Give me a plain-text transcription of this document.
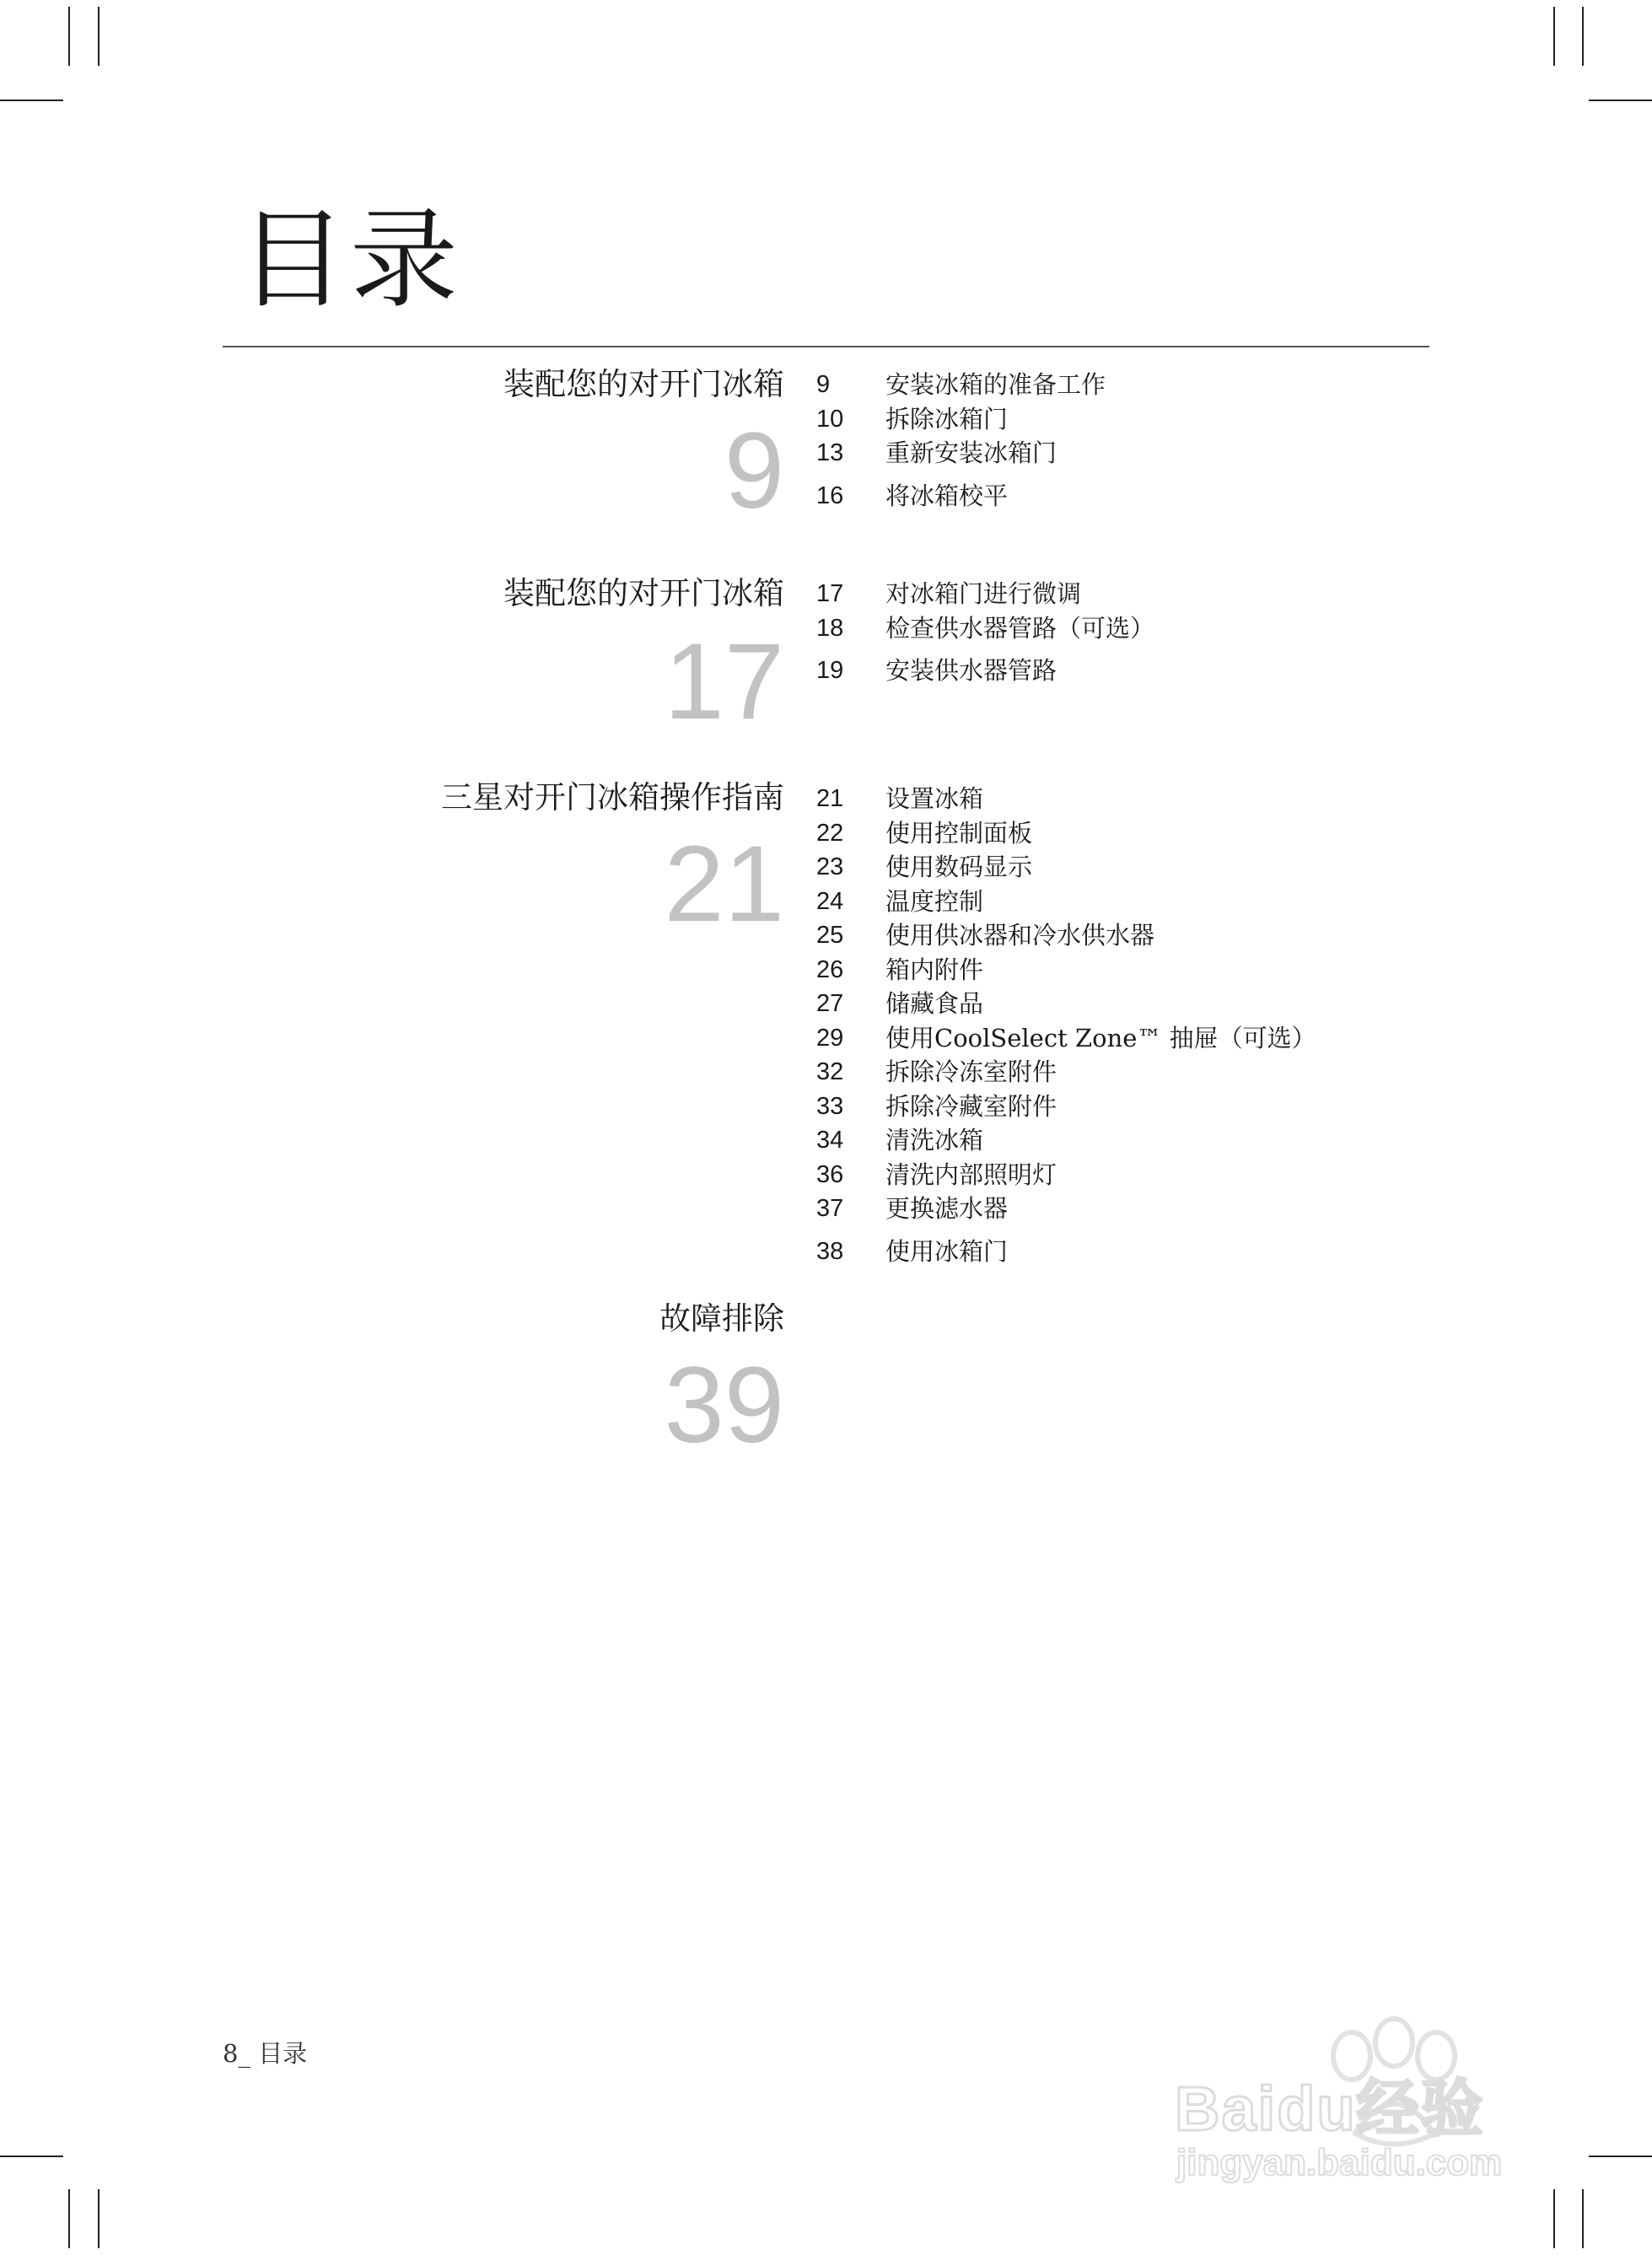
目录
装配您的对开门冰箱
9
9	安装冰箱的准备工作
10	拆除冰箱门
13	重新安装冰箱门
16	将冰箱校平
装配您的对开门冰箱
17
17	对冰箱门进行微调
18	检查供水器管路（可选）
19	安装供水器管路
三星对开门冰箱操作指南
21
21	设置冰箱
22	使用控制面板
23	使用数码显示
24	温度控制
25	使用供冰器和冷水供水器
26	箱内附件
27	储藏食品
29	使用CoolSelect Zone™ 抽屉（可选）
32	拆除冷冻室附件
33	拆除冷藏室附件
34	清洗冰箱
36	清洗内部照明灯
37	更换滤水器
38	使用冰箱门
故障排除
39
8_ 目录
Baidu经验
jingyan.baidu.com
